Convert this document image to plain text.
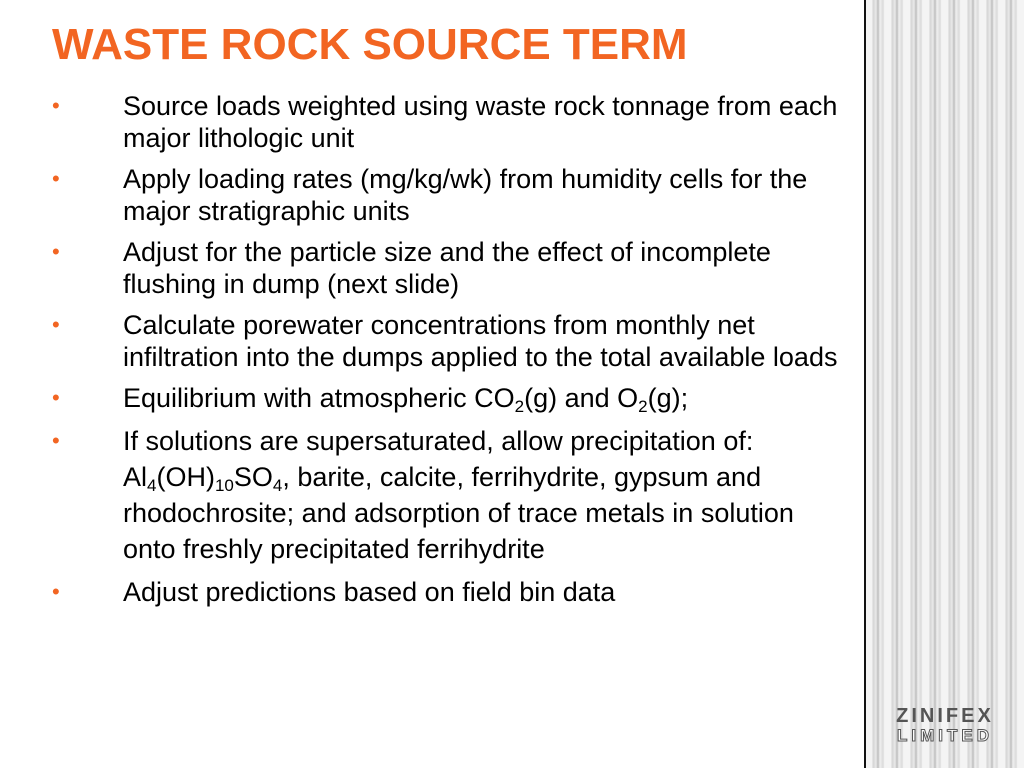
WASTE ROCK SOURCE TERM
• Source loads weighted using waste rock tonnage from each major lithologic unit
• Apply loading rates (mg/kg/wk) from humidity cells for the major stratigraphic units
• Adjust for the particle size and the effect of incomplete flushing in dump (next slide)
• Calculate porewater concentrations from monthly net infiltration into the dumps applied to the total available loads
• Equilibrium with atmospheric $CO_2(g)$ and $O_2(g)$;
• If solutions are supersaturated, allow precipitation of: $Al_4(OH)_{10}SO_4$, barite, calcite, ferrihydrite, gypsum and rhodochrosite; and adsorption of trace metals in solution onto freshly precipitated ferrihydrite
• Adjust predictions based on field bin data
ZINIFEX
LIMITED
